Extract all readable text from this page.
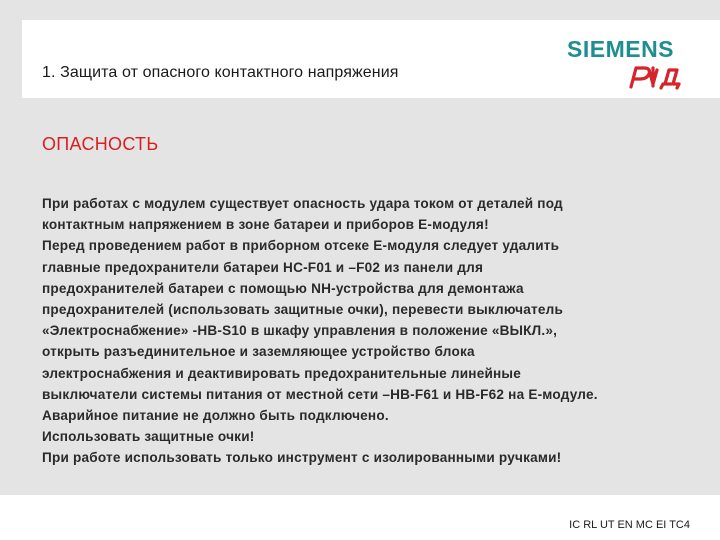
1. Защита от опасного контактного напряжения
SIEMENS
ОПАСНОСТЬ

При работах с модулем существует опасность удара током от деталей под
контактным напряжением в зоне батареи и приборов Е-модуля!
Перед проведением работ в приборном отсеке Е-модуля следует удалить
главные предохранители батареи HC-F01 и –F02 из панели для
предохранителей батареи с помощью NH-устройства для демонтажа
предохранителей (использовать защитные очки), перевести выключатель
«Электроснабжение» -HB-S10 в шкафу управления в положение «ВЫКЛ.»,
открыть разъединительное и заземляющее устройство блока
электроснабжения и деактивировать предохранительные линейные
выключатели системы питания от местной сети –HB-F61 и HB-F62 на Е-модуле.
Аварийное питание не должно быть подключено.
Использовать защитные очки!
При работе использовать только инструмент с изолированными ручками!

© Siemens AG 2012. All Rights Reserved
IC RL UT EN MC EI TC4
